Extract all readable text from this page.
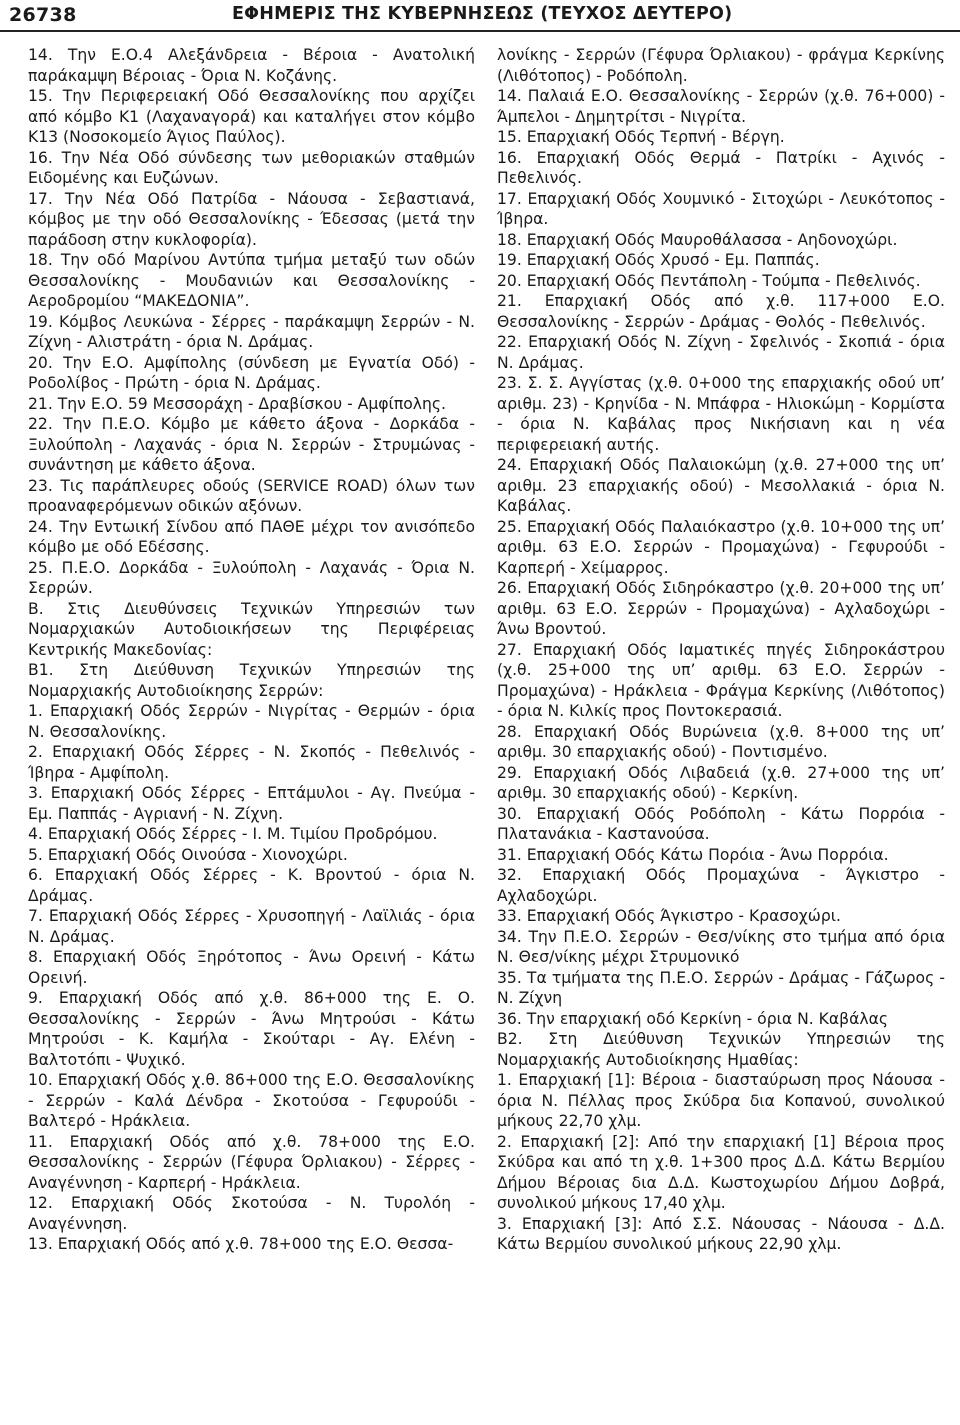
26738	ΕΦΗΜΕΡΙΣ ΤΗΣ ΚΥΒΕΡΝΗΣΕΩΣ (ΤΕΥΧΟΣ ΔΕΥΤΕΡΟ)

14. Την Ε.Ο.4 Αλεξάνδρεια - Βέροια - Ανατολική παράκαμψη Βέροιας - Όρια Ν. Κοζάνης.

15. Την Περιφερειακή Οδό Θεσσαλονίκης που αρχίζει από κόμβο Κ1 (Λαχαναγορά) και καταλήγει στον κόμβο Κ13 (Νοσοκομείο Άγιος Παύλος).

16. Την Νέα Οδό σύνδεσης των μεθοριακών σταθμών Ειδομένης και Ευζώνων.

17. Την Νέα Οδό Πατρίδα - Νάουσα - Σεβαστιανά, κόμβος με την οδό Θεσσαλονίκης - Έδεσσας (μετά την παράδοση στην κυκλοφορία).

18. Την οδό Μαρίνου Αντύπα τμήμα μεταξύ των οδών Θεσσαλονίκης - Μουδανιών και Θεσσαλονίκης - Αεροδρομίου “ΜΑΚΕΔΟΝΙΑ”.

19. Κόμβος Λευκώνα - Σέρρες - παράκαμψη Σερρών - Ν. Ζίχνη - Αλιστράτη - όρια Ν. Δράμας.

20. Την Ε.Ο. Αμφίπολης (σύνδεση με Εγνατία Οδό) - Ροδολίβος - Πρώτη - όρια Ν. Δράμας.

21. Την Ε.Ο. 59 Μεσσοράχη - Δραβίσκου - Αμφίπολης.

22. Την Π.Ε.Ο. Κόμβο με κάθετο άξονα - Δορκάδα - Ξυλούπολη - Λαχανάς - όρια Ν. Σερρών - Στρυμώνας - συνάντηση με κάθετο άξονα.

23. Τις παράπλευρες οδούς (SERVICE ROAD) όλων των προαναφερόμενων οδικών αξόνων.

24. Την Εντωική Σίνδου από ΠΑΘΕ μέχρι τον ανισόπεδο κόμβο με οδό Εδέσσης.

25. Π.Ε.Ο. Δορκάδα - Ξυλούπολη - Λαχανάς - Όρια Ν. Σερρών.

Β. Στις Διευθύνσεις Τεχνικών Υπηρεσιών των Νομαρχιακών Αυτοδιοικήσεων της Περιφέρειας Κεντρικής Μακεδονίας:

Β1. Στη Διεύθυνση Τεχνικών Υπηρεσιών της Νομαρχιακής Αυτοδιοίκησης Σερρών:

1. Επαρχιακή Οδός Σερρών - Νιγρίτας - Θερμών - όρια Ν. Θεσσαλονίκης.

2. Επαρχιακή Οδός Σέρρες - Ν. Σκοπός - Πεθελινός - Ίβηρα - Αμφίπολη.

3. Επαρχιακή Οδός Σέρρες - Επτάμυλοι - Αγ. Πνεύμα - Εμ. Παππάς - Αγριανή - Ν. Ζίχνη.

4. Επαρχιακή Οδός Σέρρες - Ι. Μ. Τιμίου Προδρόμου.

5. Επαρχιακή Οδός Οινούσα - Χιονοχώρι.

6. Επαρχιακή Οδός Σέρρες - Κ. Βροντού - όρια Ν. Δράμας.

7. Επαρχιακή Οδός Σέρρες - Χρυσοπηγή - Λαϊλιάς - όρια Ν. Δράμας.

8. Επαρχιακή Οδός Ξηρότοπος - Άνω Ορεινή - Κάτω Ορεινή.

9. Επαρχιακή Οδός από χ.θ. 86+000 της Ε. Ο. Θεσσαλονίκης - Σερρών - Άνω Μητρούσι - Κάτω Μητρούσι - Κ. Καμήλα - Σκούταρι - Αγ. Ελένη - Βαλτοτόπι - Ψυχικό.

10. Επαρχιακή Οδός χ.θ. 86+000 της Ε.Ο. Θεσσαλονίκης - Σερρών - Καλά Δένδρα - Σκοτούσα - Γεφυρούδι - Βαλτερό - Ηράκλεια.

11. Επαρχιακή Οδός από χ.θ. 78+000 της Ε.Ο. Θεσσαλονίκης - Σερρών (Γέφυρα Όρλιακου) - Σέρρες - Αναγέννηση - Καρπερή - Ηράκλεια.

12. Επαρχιακή Οδός Σκοτούσα - Ν. Τυρολόη - Αναγέννηση.

13. Επαρχιακή Οδός από χ.θ. 78+000 της Ε.Ο. Θεσσα-

λονίκης - Σερρών (Γέφυρα Όρλιακου) - φράγμα Κερκίνης (Λιθότοπος) - Ροδόπολη.

14. Παλαιά Ε.Ο. Θεσσαλονίκης - Σερρών (χ.θ. 76+000) - Άμπελοι - Δημητρίτσι - Νιγρίτα.

15. Επαρχιακή Οδός Τερπνή - Βέργη.

16. Επαρχιακή Οδός Θερμά - Πατρίκι - Αχινός - Πεθελινός.

17. Επαρχιακή Οδός Χουμνικό - Σιτοχώρι - Λευκότοπος - Ίβηρα.

18. Επαρχιακή Οδός Μαυροθάλασσα - Αηδονοχώρι.

19. Επαρχιακή Οδός Χρυσό - Εμ. Παππάς.

20. Επαρχιακή Οδός Πεντάπολη - Τούμπα - Πεθελινός.

21. Επαρχιακή Οδός από χ.θ. 117+000 Ε.Ο. Θεσσαλονίκης - Σερρών - Δράμας - Θολός - Πεθελινός.

22. Επαρχιακή Οδός Ν. Ζίχνη - Σφελινός - Σκοπιά - όρια Ν. Δράμας.

23. Σ. Σ. Αγγίστας (χ.θ. 0+000 της επαρχιακής οδού υπ’ αριθμ. 23) - Κρηνίδα - Ν. Μπάφρα - Ηλιοκώμη - Κορμίστα - όρια Ν. Καβάλας προς Νικήσιανη και η νέα περιφερειακή αυτής.

24. Επαρχιακή Οδός Παλαιοκώμη (χ.θ. 27+000 της υπ’ αριθμ. 23 επαρχιακής οδού) - Μεσολλακιά - όρια Ν. Καβάλας.

25. Επαρχιακή Οδός Παλαιόκαστρο (χ.θ. 10+000 της υπ’ αριθμ. 63 Ε.Ο. Σερρών - Προμαχώνα) - Γεφυρούδι - Καρπερή - Χείμαρρος.

26. Επαρχιακή Οδός Σιδηρόκαστρο (χ.θ. 20+000 της υπ’ αριθμ. 63 Ε.Ο. Σερρών - Προμαχώνα) - Αχλαδοχώρι - Άνω Βροντού.

27. Επαρχιακή Οδός Ιαματικές πηγές Σιδηροκάστρου (χ.θ. 25+000 της υπ’ αριθμ. 63 Ε.Ο. Σερρών - Προμαχώνα) - Ηράκλεια - Φράγμα Κερκίνης (Λιθότοπος) - όρια Ν. Κιλκίς προς Ποντοκερασιά.

28. Επαρχιακή Οδός Βυρώνεια (χ.θ. 8+000 της υπ’ αριθμ. 30 επαρχιακής οδού) - Ποντισμένο.

29. Επαρχιακή Οδός Λιβαδειά (χ.θ. 27+000 της υπ’ αριθμ. 30 επαρχιακής οδού) - Κερκίνη.

30. Επαρχιακή Οδός Ροδόπολη - Κάτω Πορρόια - Πλατανάκια - Καστανούσα.

31. Επαρχιακή Οδός Κάτω Πορόια - Άνω Πορρόια.

32. Επαρχιακή Οδός Προμαχώνα - Άγκιστρο - Αχλαδοχώρι.

33. Επαρχιακή Οδός Άγκιστρο - Κρασοχώρι.

34. Την Π.Ε.Ο. Σερρών - Θεσ/νίκης στο τμήμα από όρια Ν. Θεσ/νίκης μέχρι Στρυμονικό

35. Τα τμήματα της Π.Ε.Ο. Σερρών - Δράμας - Γάζωρος - Ν. Ζίχνη

36. Την επαρχιακή οδό Κερκίνη - όρια Ν. Καβάλας

Β2. Στη Διεύθυνση Τεχνικών Υπηρεσιών της Νομαρχιακής Αυτοδιοίκησης Ημαθίας:

1. Επαρχιακή [1]: Βέροια - διασταύρωση προς Νάουσα - όρια Ν. Πέλλας προς Σκύδρα δια Κοπανού, συνολικού μήκους 22,70 χλμ.

2. Επαρχιακή [2]: Από την επαρχιακή [1] Βέροια προς Σκύδρα και από τη χ.θ. 1+300 προς Δ.Δ. Κάτω Βερμίου Δήμου Βέροιας δια Δ.Δ. Κωστοχωρίου Δήμου Δοβρά, συνολικού μήκους 17,40 χλμ.

3. Επαρχιακή [3]: Από Σ.Σ. Νάουσας - Νάουσα - Δ.Δ. Κάτω Βερμίου συνολικού μήκους 22,90 χλμ.
